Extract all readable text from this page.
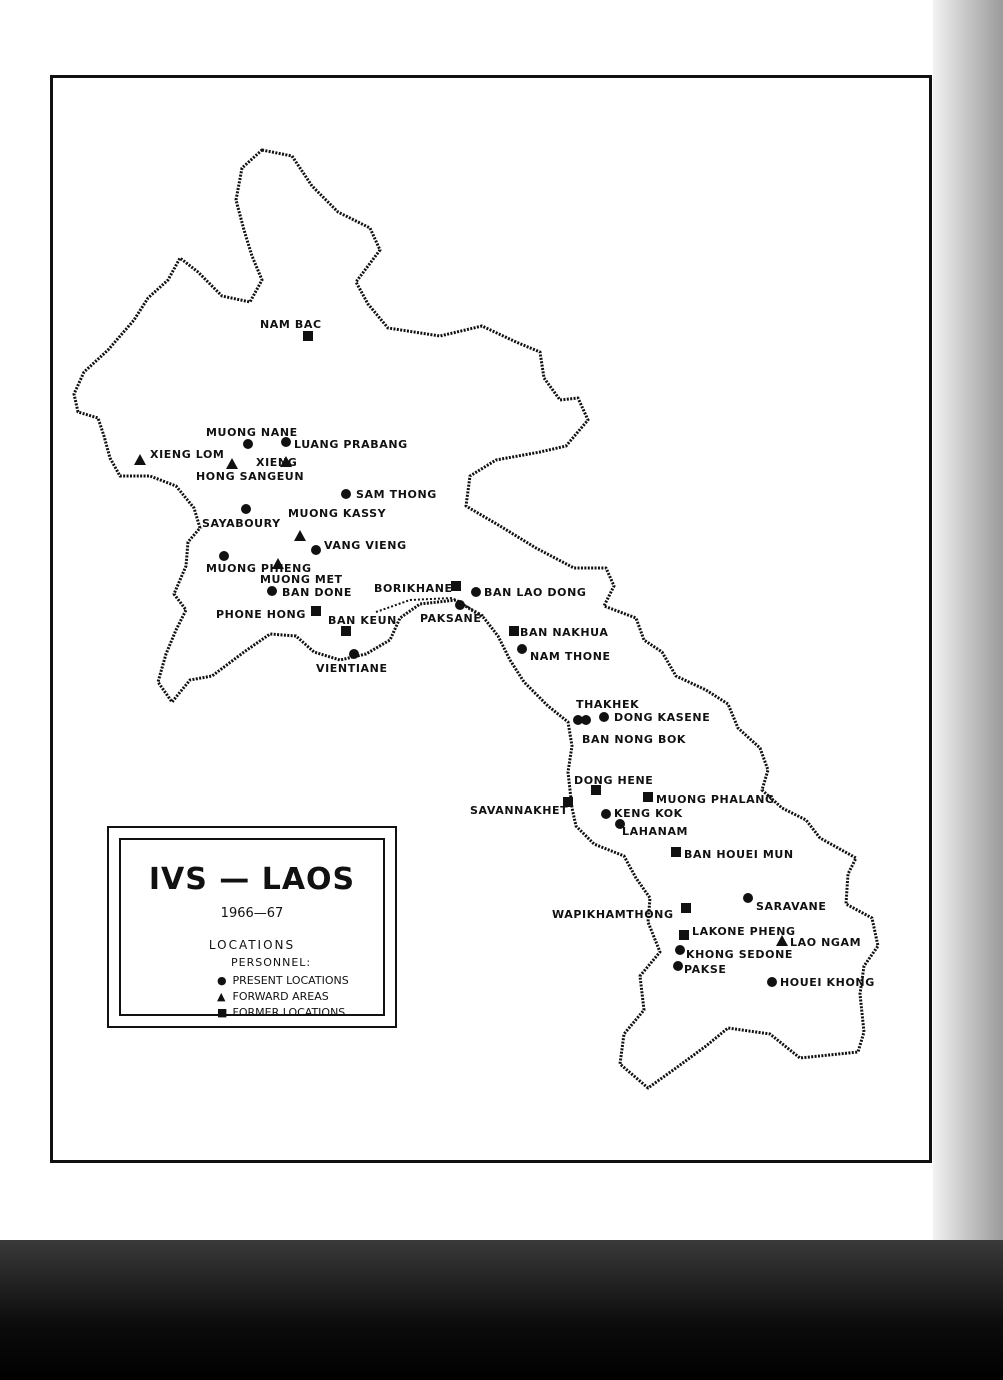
NAM BAC
MUONG NANE
LUANG PRABANG
XIENG LOM
XIENG
HONG SANGEUN
SAM THONG
SAYABOURY
MUONG KASSY
VANG VIENG
MUONG PHIENG
MUONG MET
BAN DONE BORIKHANE	BAN LAO DONG
PHONE HONG BAN KEUN PAKSANE
BAN NAKHUA
NAM THONE
VIENTIANE
THAKHEK
DONG KASENE
BAN NONG BOK
DONG HENE
MUONG PHALANG
SAVANNAKHET	KENG KOK
LAHANAM
BAN HOUEI MUN
SARAVANE
WAPIKHAMTHONG
LAKONE PHENG
LAO NGAM
KHONG SEDONE
PAKSE
HOUEI KHONG
IVS — LAOS
1966—67
LOCATIONS
PERSONNEL:
● PRESENT LOCATIONS
▲ FORWARD AREAS
■ FORMER LOCATIONS
